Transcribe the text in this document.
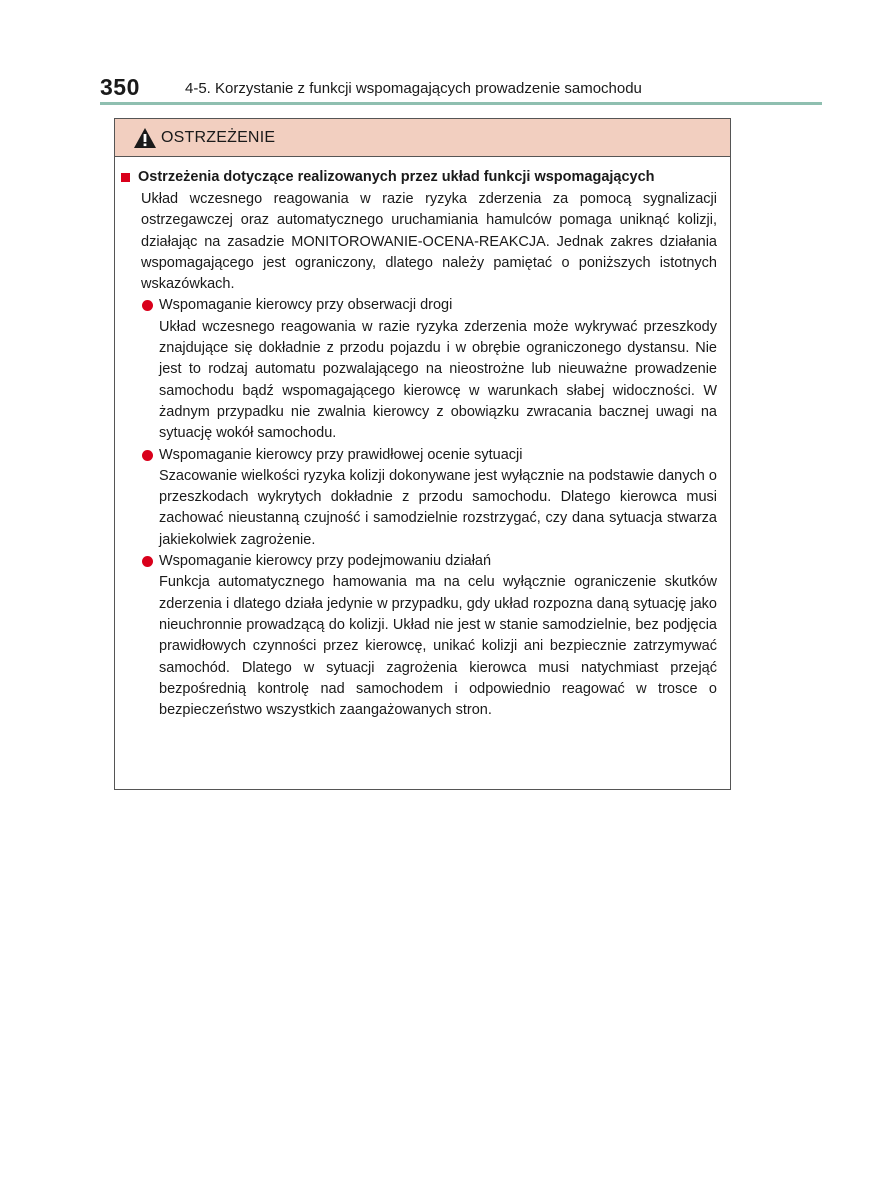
350	4-5. Korzystanie z funkcji wspomagających prowadzenie samochodu
OSTRZEŻENIE
Ostrzeżenia dotyczące realizowanych przez układ funkcji wspomagających

Układ wczesnego reagowania w razie ryzyka zderzenia za pomocą sygnalizacji ostrzegawczej oraz automatycznego uruchamiania hamulców pomaga uniknąć kolizji, działając na zasadzie MONITOROWANIE-OCENA-REAKCJA. Jednak zakres działania wspomagającego jest ograniczony, dlatego należy pamiętać o poniższych istotnych wskazówkach.

Wspomaganie kierowcy przy obserwacji drogi
Układ wczesnego reagowania w razie ryzyka zderzenia może wykrywać przeszkody znajdujące się dokładnie z przodu pojazdu i w obrębie ograniczonego dystansu. Nie jest to rodzaj automatu pozwalającego na nieostrożne lub nieuważne prowadzenie samochodu bądź wspomagającego kierowcę w warunkach słabej widoczności. W żadnym przypadku nie zwalnia kierowcy z obowiązku zwracania bacznej uwagi na sytuację wokół samochodu.
Wspomaganie kierowcy przy prawidłowej ocenie sytuacji
Szacowanie wielkości ryzyka kolizji dokonywane jest wyłącznie na podstawie danych o przeszkodach wykrytych dokładnie z przodu samochodu. Dlatego kierowca musi zachować nieustanną czujność i samodzielnie rozstrzygać, czy dana sytuacja stwarza jakiekolwiek zagrożenie.
Wspomaganie kierowcy przy podejmowaniu działań
Funkcja automatycznego hamowania ma na celu wyłącznie ograniczenie skutków zderzenia i dlatego działa jedynie w przypadku, gdy układ rozpozna daną sytuację jako nieuchronnie prowadzącą do kolizji. Układ nie jest w stanie samodzielnie, bez podjęcia prawidłowych czynności przez kierowcę, unikać kolizji ani bezpiecznie zatrzymywać samochód. Dlatego w sytuacji zagrożenia kierowca musi natychmiast przejąć bezpośrednią kontrolę nad samochodem i odpowiednio reagować w trosce o bezpieczeństwo wszystkich zaangażowanych stron.
